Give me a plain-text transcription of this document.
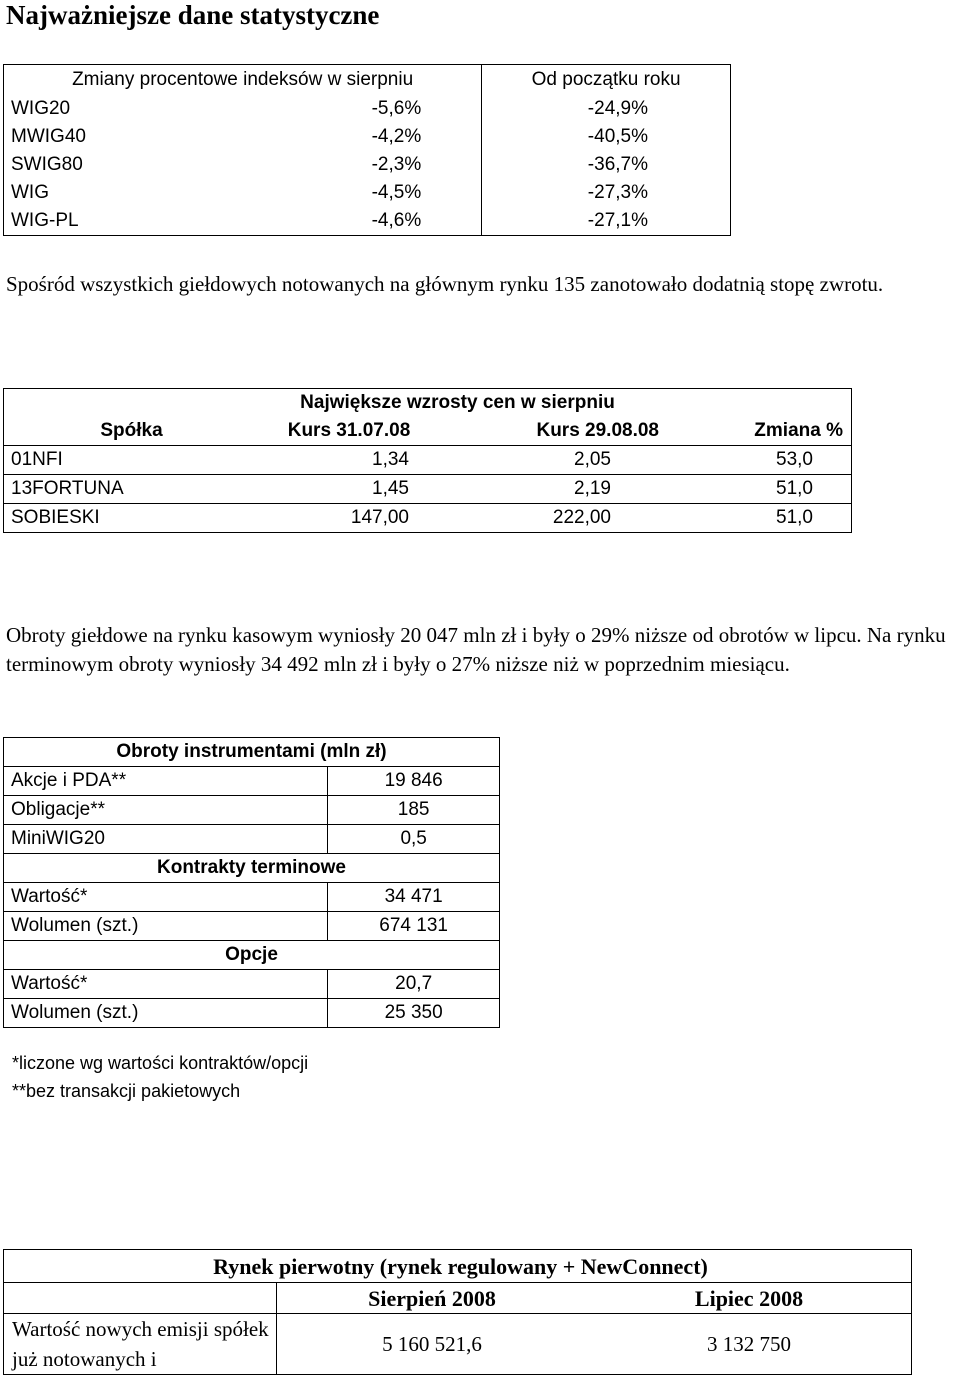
Najważniejsze dane statystyczne
Zmiany procentowe indeksów w sierpniu		Od początku roku
WIG20	-5,6%	-24,9%
MWIG40	-4,2%	-40,5%
SWIG80	-2,3%	-36,7%
WIG	-4,5%	-27,3%
WIG-PL	-4,6%	-27,1%

Spośród wszystkich giełdowych notowanych na głównym rynku 135 zanotowało dodatnią stopę zwrotu.

Największe wzrosty cen w sierpniu			
Spółka	Kurs 31.07.08	Kurs 29.08.08	Zmiana %
01NFI	1,34	2,05	53,0
13FORTUNA	1,45	2,19	51,0
SOBIESKI	147,00	222,00	51,0

Obroty giełdowe na rynku kasowym wyniosły 20 047 mln zł i były o 29% niższe od obrotów w lipcu. Na rynku terminowym obroty wyniosły 34 492 mln zł i były o 27% niższe niż w poprzednim miesiącu.

Obroty instrumentami (mln zł)	
Akcje i PDA**	19 846
Obligacje**	185
MiniWIG20	0,5
Kontrakty terminowe	
Wartość*	34 471
Wolumen (szt.)	674 131
Opcje	
Wartość*	20,7
Wolumen (szt.)	25 350
*liczone wg wartości kontraktów/opcji
**bez transakcji pakietowych
Rynek pierwotny (rynek regulowany + NewConnect)		
	Sierpień 2008	Lipiec 2008
Wartość nowych emisji spółek już notowanych i	5 160 521,6	3 132 750
